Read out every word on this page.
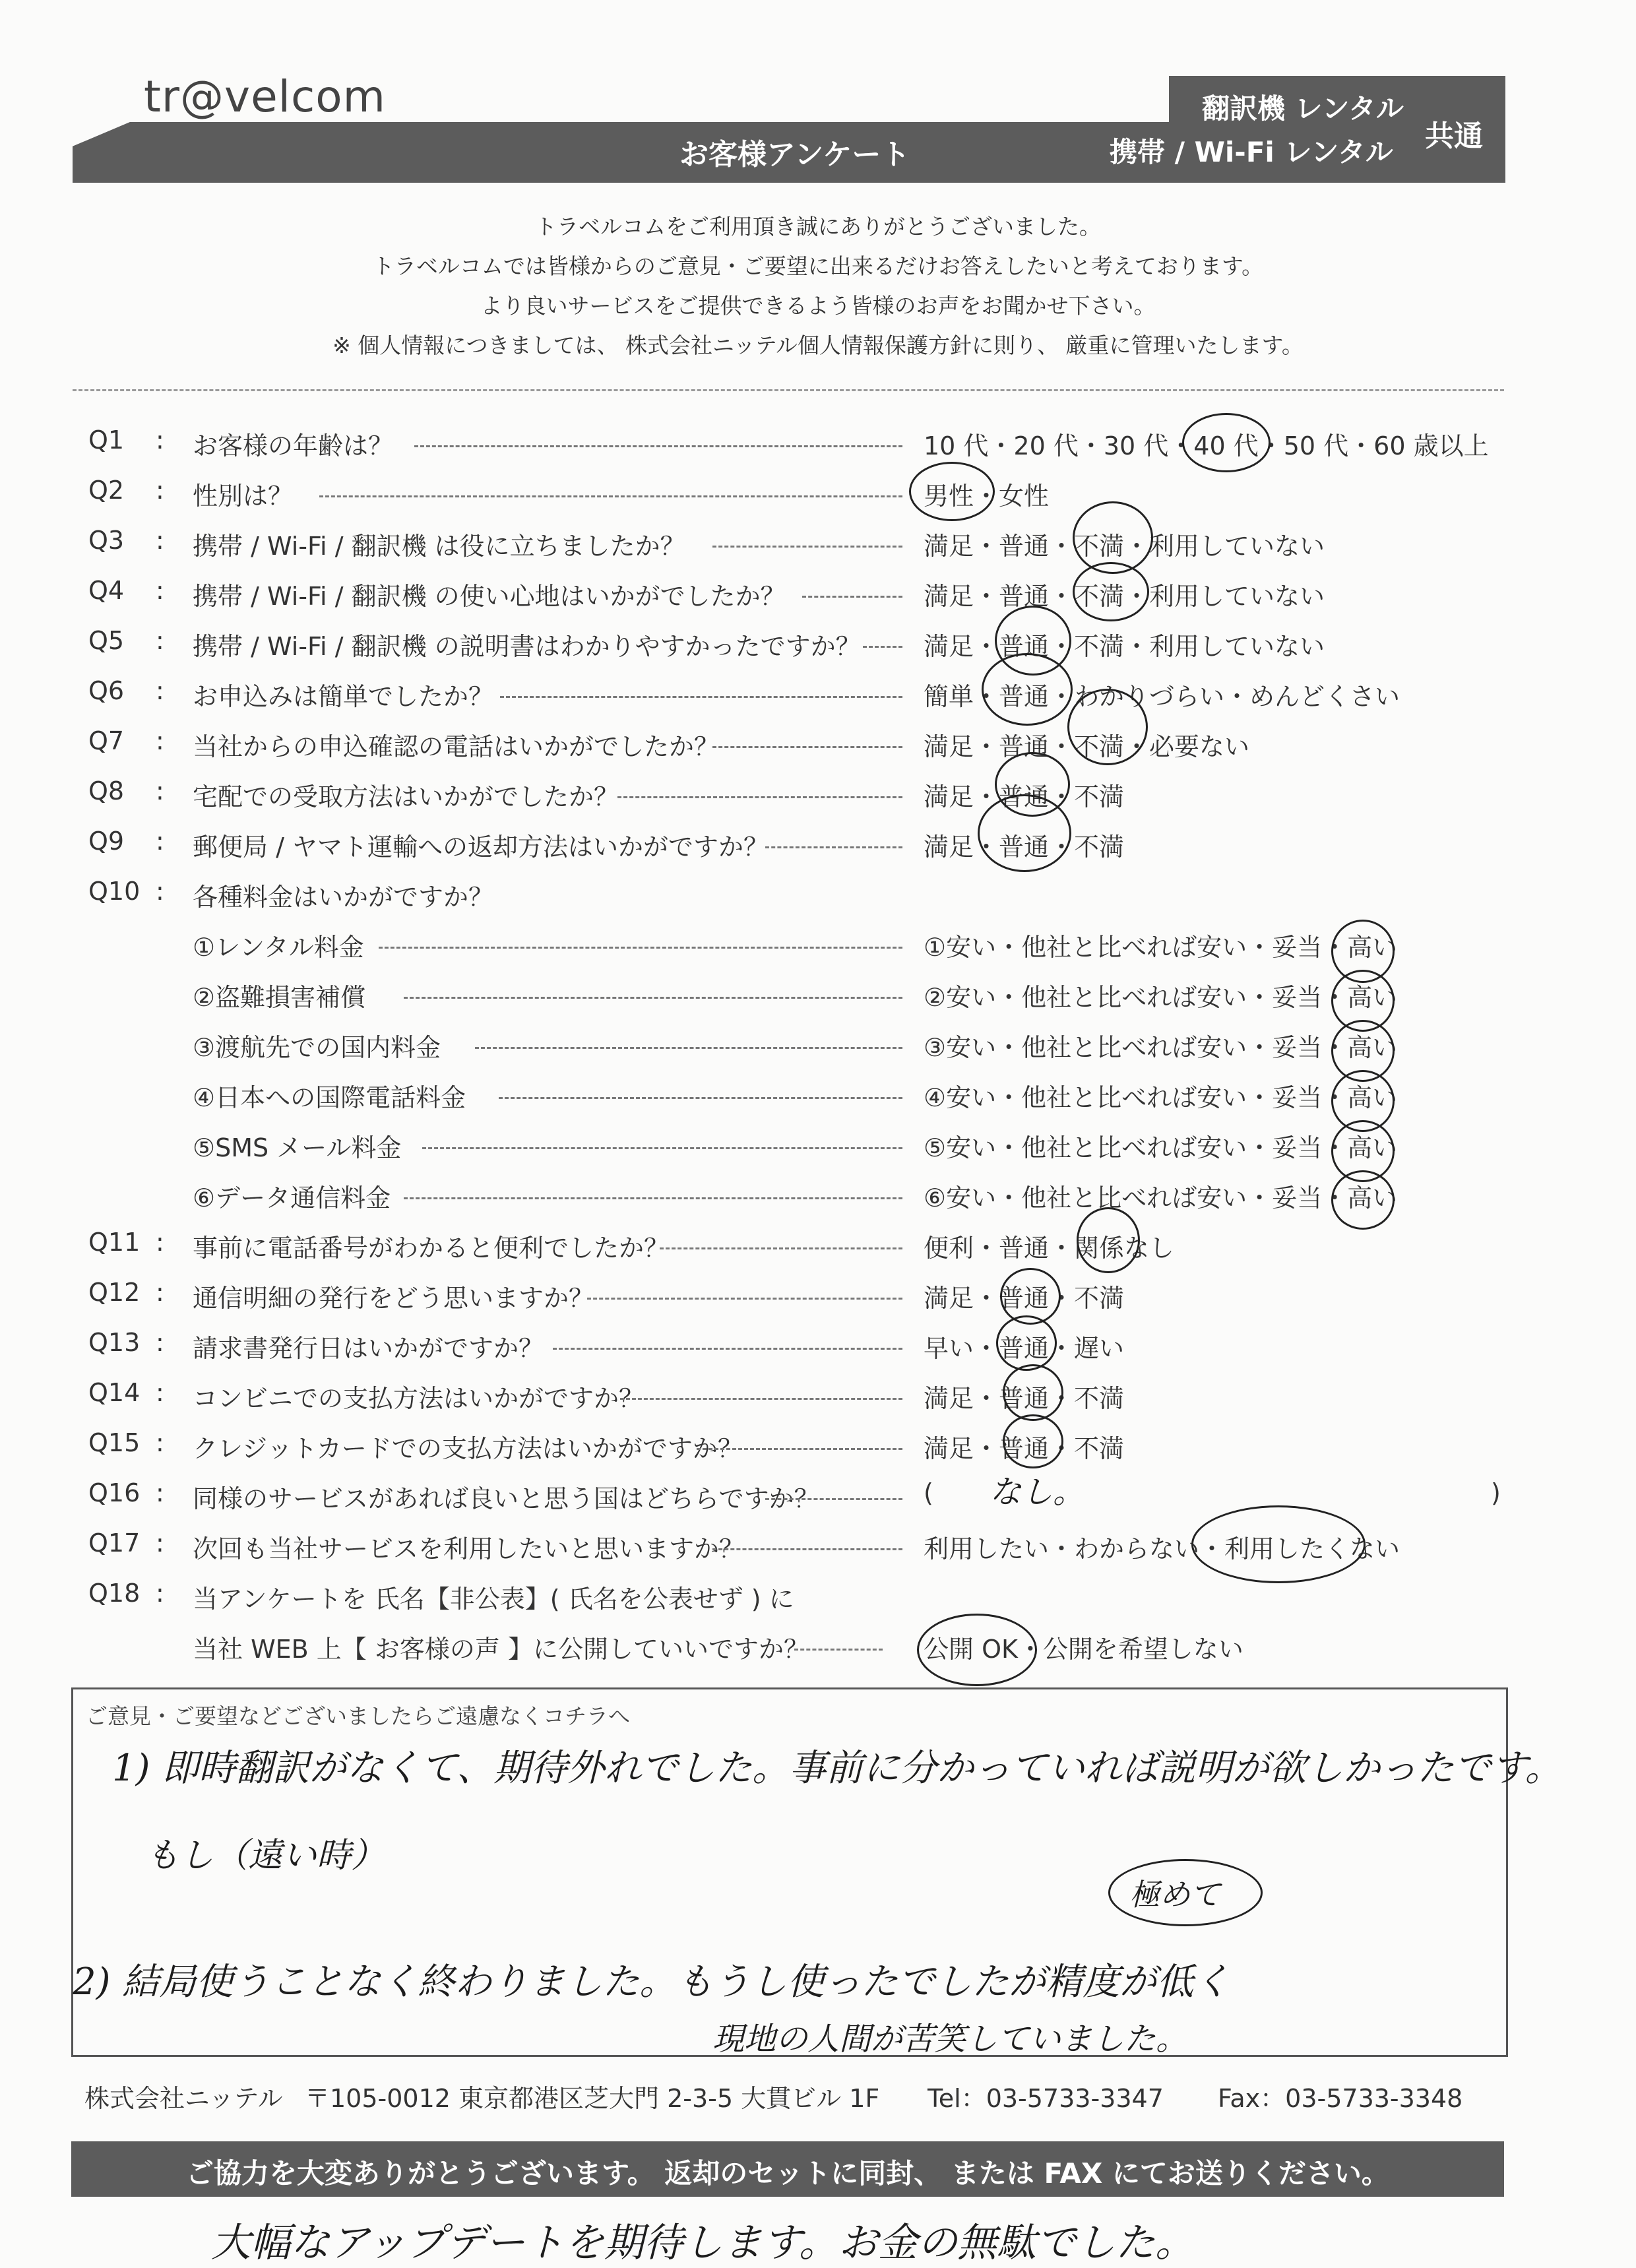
tr@velcom
お客様アンケート
翻訳機 レンタル
携帯 / Wi-Fi レンタル 共通
トラベルコムをご利用頂き誠にありがとうございました。
トラベルコムでは皆様からのご意見・ご要望に出来るだけお答えしたいと考えております。
より良いサービスをご提供できるよう皆様のお声をお聞かせ下さい。
※ 個人情報につきましては、 株式会社ニッテル個人情報保護方針に則り、 厳重に管理いたします。
Q1 : お客様の年齢は？	10 代・20 代・30 代・40 代・50 代・60 歳以上
Q2 : 性別は？	男性・女性
Q3 : 携帯 / Wi-Fi / 翻訳機 は役に立ちましたか？	満足・普通・不満・利用していない
Q4 : 携帯 / Wi-Fi / 翻訳機 の使い心地はいかがでしたか？	満足・普通・不満・利用していない
Q5 : 携帯 / Wi-Fi / 翻訳機 の説明書はわかりやすかったですか？	満足・普通・不満・利用していない
Q6 : お申込みは簡単でしたか？	簡単・普通・わかりづらい・めんどくさい
Q7 : 当社からの申込確認の電話はいかがでしたか？	満足・普通・不満・必要ない
Q8 : 宅配での受取方法はいかがでしたか？	満足・普通・不満
Q9 : 郵便局 / ヤマト運輸への返却方法はいかがですか？	満足・普通・不満
Q10 : 各種料金はいかがですか？
①レンタル料金	①安い・他社と比べれば安い・妥当・高い
②盗難損害補償	②安い・他社と比べれば安い・妥当・高い
③渡航先での国内料金	③安い・他社と比べれば安い・妥当・高い
④日本への国際電話料金	④安い・他社と比べれば安い・妥当・高い
⑤SMS メール料金	⑤安い・他社と比べれば安い・妥当・高い
⑥データ通信料金	⑥安い・他社と比べれば安い・妥当・高い
Q11 : 事前に電話番号がわかると便利でしたか？	便利・普通・関係なし
Q12 : 通信明細の発行をどう思いますか？	満足・普通・不満
Q13 : 請求書発行日はいかがですか？	早い・普通・遅い
Q14 : コンビニでの支払方法はいかがですか？	満足・普通・不満
Q15 : クレジットカードでの支払方法はいかがですか？	満足・普通・不満
Q16 : 同様のサービスがあれば良いと思う国はどちらですか？	( なし。	)
Q17 : 次回も当社サービスを利用したいと思いますか？	利用したい・わからない・利用したくない
Q18 : 当アンケートを 氏名【非公表】( 氏名を公表せず ) に
当社 WEB 上【 お客様の声 】に公開していいですか？	公開 OK・公開を希望しない
ご意見・ご要望などございましたらご遠慮なくコチラへ
1) 即時翻訳がなくて、期待外れでした。事前に分かっていれば説明が欲しかったです。
もし（遠い時）
極めて
2) 結局使うことなく終わりました。もうし使ったでしたが精度が低く
現地の人間が苦笑していました。
株式会社ニッテル 〒105-0012 東京都港区芝大門 2-3-5 大貫ビル 1F Tel：03-5733-3347 Fax：03-5733-3348
ご協力を大変ありがとうございます。 返却のセットに同封、 または FAX にてお送りください。
大幅なアップデートを期待します。お金の無駄でした。
